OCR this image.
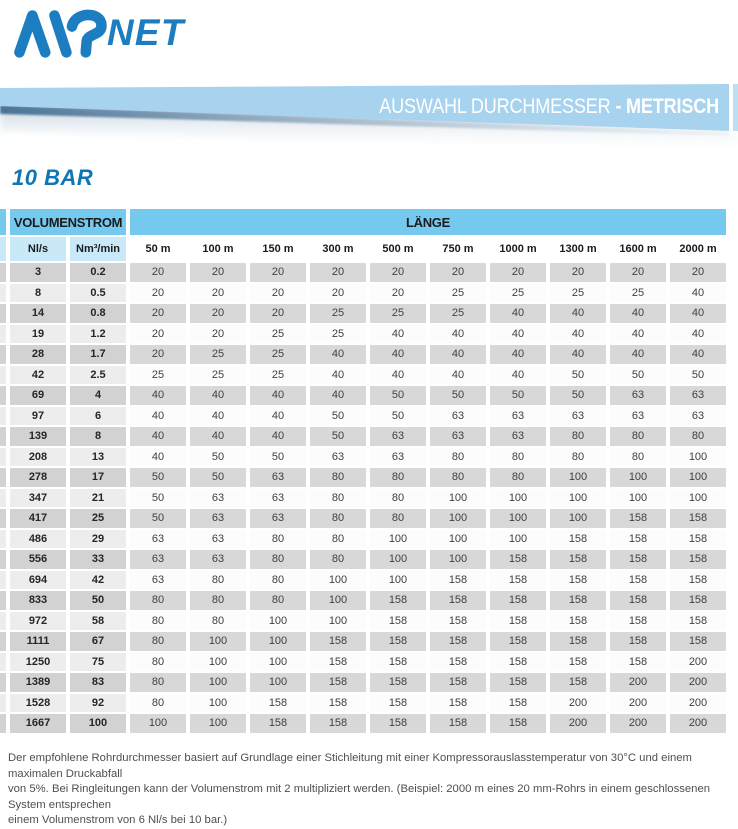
NET
AUSWAHL DURCHMESSER - METRISCH
10 BAR
	VOLUMENSTROM		LÄNGE									
	Nl/s	Nm³/min	50 m	100 m	150 m	300 m	500 m	750 m	1000 m	1300 m	1600 m	2000 m
	3	0.2	20	20	20	20	20	20	20	20	20	20
	8	0.5	20	20	20	20	20	25	25	25	25	40
	14	0.8	20	20	20	25	25	25	40	40	40	40
	19	1.2	20	20	25	25	40	40	40	40	40	40
	28	1.7	20	25	25	40	40	40	40	40	40	40
	42	2.5	25	25	25	40	40	40	40	50	50	50
	69	4	40	40	40	40	50	50	50	50	63	63
	97	6	40	40	40	50	50	63	63	63	63	63
	139	8	40	40	40	50	63	63	63	80	80	80
	208	13	40	50	50	63	63	80	80	80	80	100
	278	17	50	50	63	80	80	80	80	100	100	100
	347	21	50	63	63	80	80	100	100	100	100	100
	417	25	50	63	63	80	80	100	100	100	158	158
	486	29	63	63	80	80	100	100	100	158	158	158
	556	33	63	63	80	80	100	100	158	158	158	158
	694	42	63	80	80	100	100	158	158	158	158	158
	833	50	80	80	80	100	158	158	158	158	158	158
	972	58	80	80	100	100	158	158	158	158	158	158
	1111	67	80	100	100	158	158	158	158	158	158	158
	1250	75	80	100	100	158	158	158	158	158	158	200
	1389	83	80	100	100	158	158	158	158	158	200	200
	1528	92	80	100	158	158	158	158	158	200	200	200
	1667	100	100	100	158	158	158	158	158	200	200	200
Der empfohlene Rohrdurchmesser basiert auf Grundlage einer Stichleitung mit einer Kompressorauslasstemperatur von 30°C und einem maximalen Druckabfall
von 5%. Bei Ringleitungen kann der Volumenstrom mit 2 multipliziert werden. (Beispiel: 2000 m eines 20 mm-Rohrs in einem geschlossenen System entsprechen
einem Volumenstrom von 6 Nl/s bei 10 bar.)
